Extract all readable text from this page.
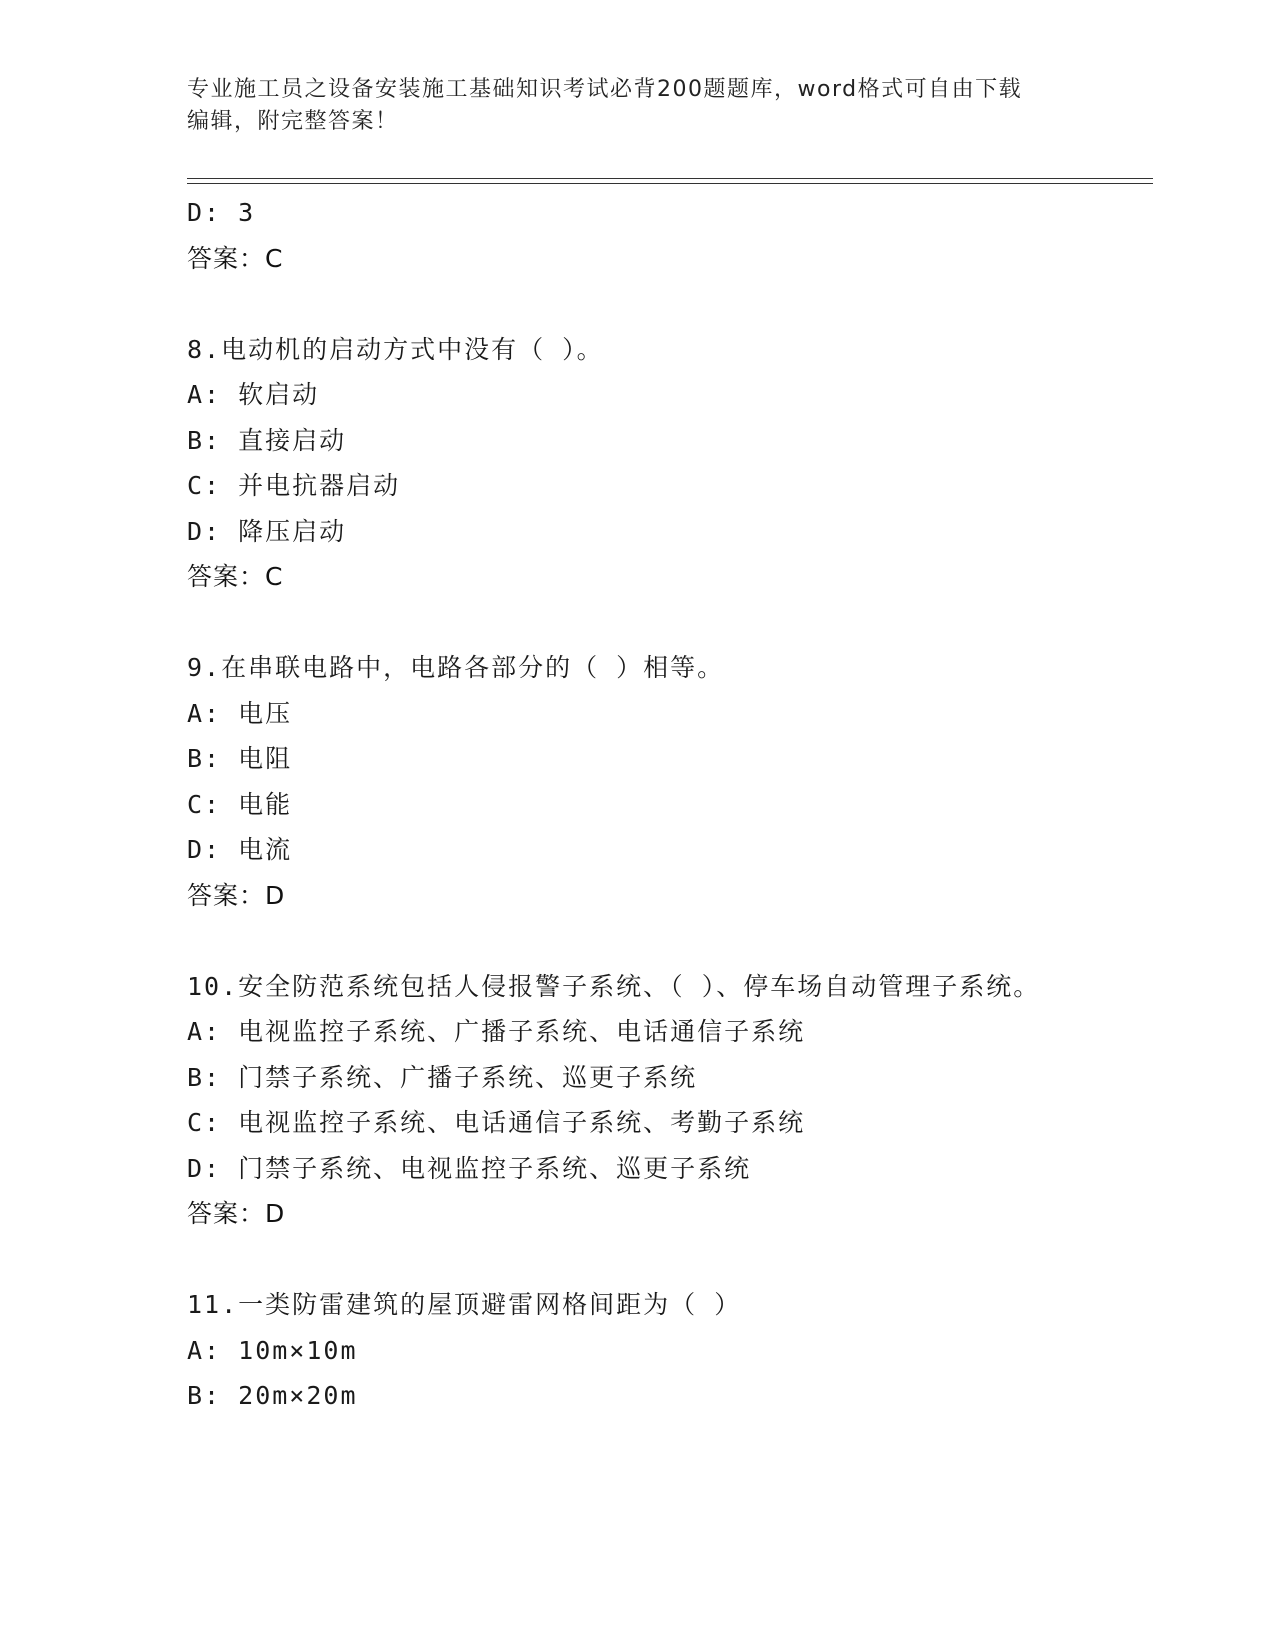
专业施工员之设备安装施工基础知识考试必背200题题库，word格式可自由下载
编辑，附完整答案！
D: 3
答案：C
8.电动机的启动方式中没有（ ）。
A: 软启动
B: 直接启动
C: 并电抗器启动
D: 降压启动
答案：C
9.在串联电路中，电路各部分的（ ）相等。
A: 电压
B: 电阻
C: 电能
D: 电流
答案：D
10.安全防范系统包括人侵报警子系统、（ ）、停车场自动管理子系统。
A: 电视监控子系统、广播子系统、电话通信子系统
B: 门禁子系统、广播子系统、巡更子系统
C: 电视监控子系统、电话通信子系统、考勤子系统
D: 门禁子系统、电视监控子系统、巡更子系统
答案：D
11.一类防雷建筑的屋顶避雷网格间距为（ ）
A: 10m×10m
B: 20m×20m
